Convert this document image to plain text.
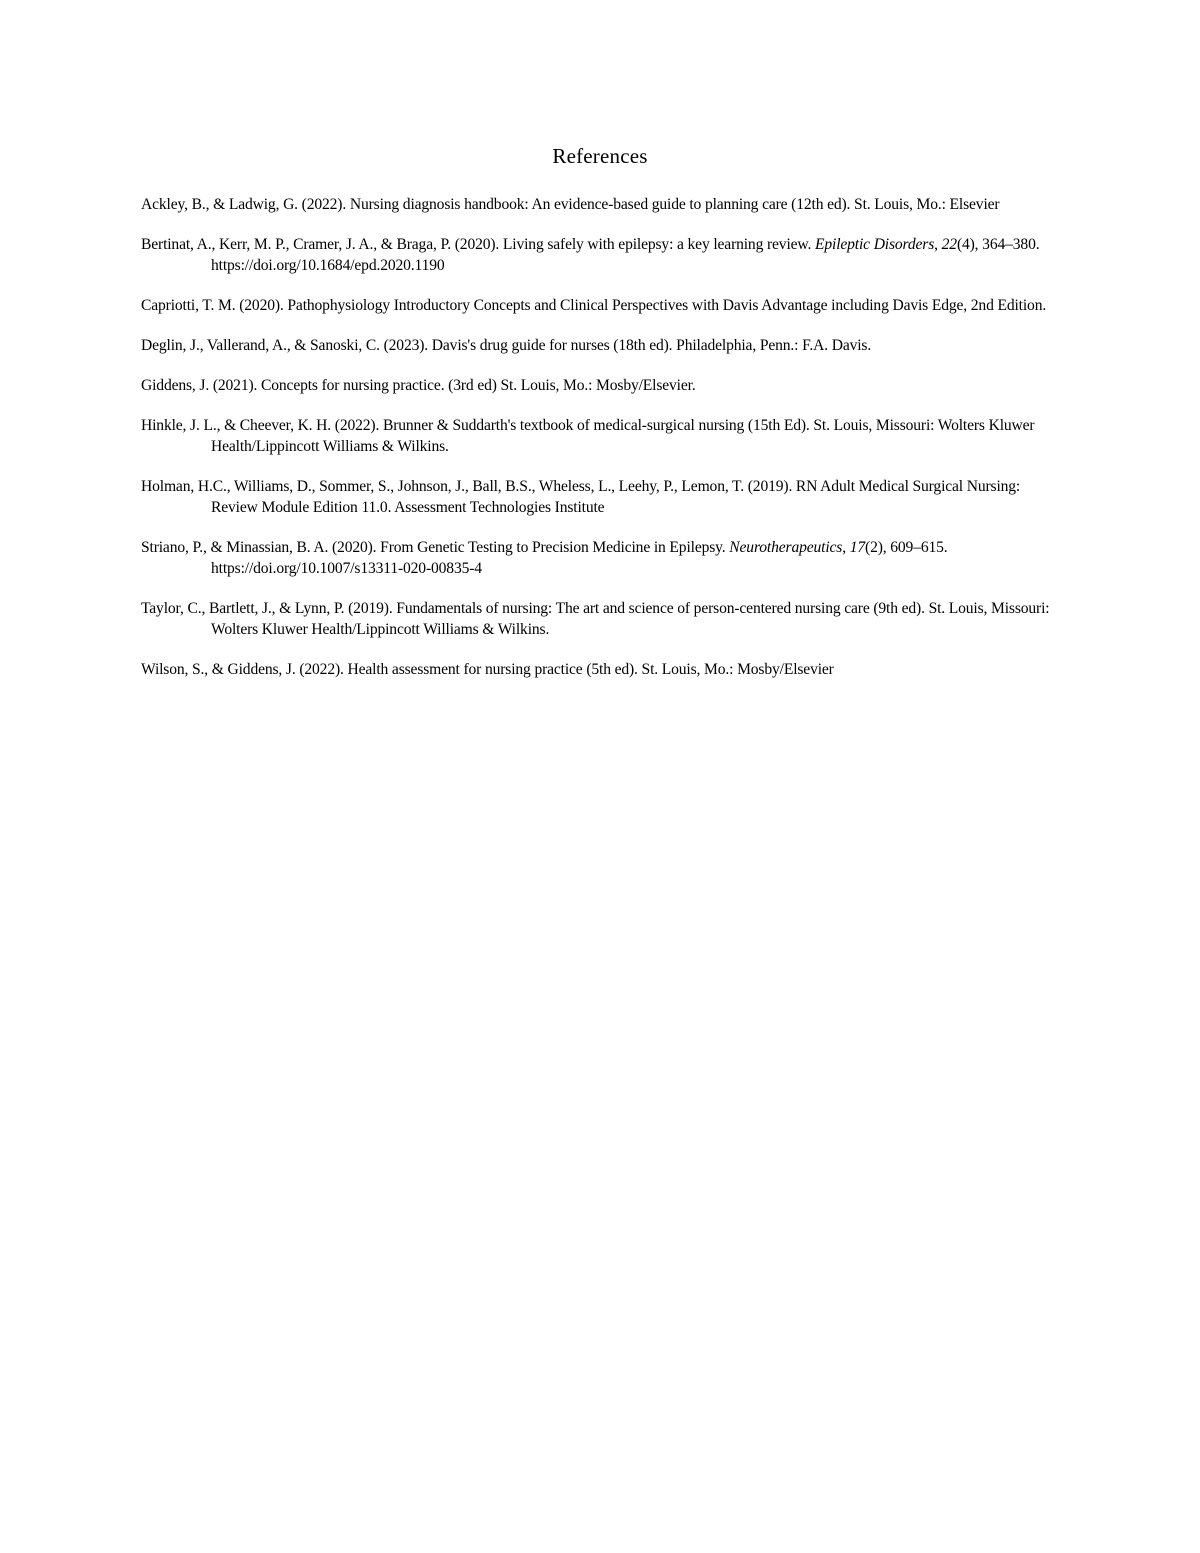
References

Ackley, B., & Ladwig, G. (2022). Nursing diagnosis handbook: An evidence-based guide to planning care (12th ed). St. Louis, Mo.: Elsevier

Bertinat, A., Kerr, M. P., Cramer, J. A., & Braga, P. (2020). Living safely with epilepsy: a key learning review. Epileptic Disorders, 22(4), 364–380. https://doi.org/10.1684/epd.2020.1190

Capriotti, T. M. (2020). Pathophysiology Introductory Concepts and Clinical Perspectives with Davis Advantage including Davis Edge, 2nd Edition.

Deglin, J., Vallerand, A., & Sanoski, C. (2023). Davis's drug guide for nurses (18th ed). Philadelphia, Penn.: F.A. Davis.

Giddens, J. (2021). Concepts for nursing practice. (3rd ed) St. Louis, Mo.: Mosby/Elsevier.

Hinkle, J. L., & Cheever, K. H. (2022). Brunner & Suddarth's textbook of medical-surgical nursing (15th Ed). St. Louis, Missouri: Wolters Kluwer Health/Lippincott Williams & Wilkins.

Holman, H.C., Williams, D., Sommer, S., Johnson, J., Ball, B.S., Wheless, L., Leehy, P., Lemon, T. (2019). RN Adult Medical Surgical Nursing: Review Module Edition 11.0. Assessment Technologies Institute

Striano, P., & Minassian, B. A. (2020). From Genetic Testing to Precision Medicine in Epilepsy. Neurotherapeutics, 17(2), 609–615. https://doi.org/10.1007/s13311-020-00835-4

Taylor, C., Bartlett, J., & Lynn, P. (2019). Fundamentals of nursing: The art and science of person-centered nursing care (9th ed). St. Louis, Missouri: Wolters Kluwer Health/Lippincott Williams & Wilkins.

Wilson, S., & Giddens, J. (2022). Health assessment for nursing practice (5th ed). St. Louis, Mo.: Mosby/Elsevier
